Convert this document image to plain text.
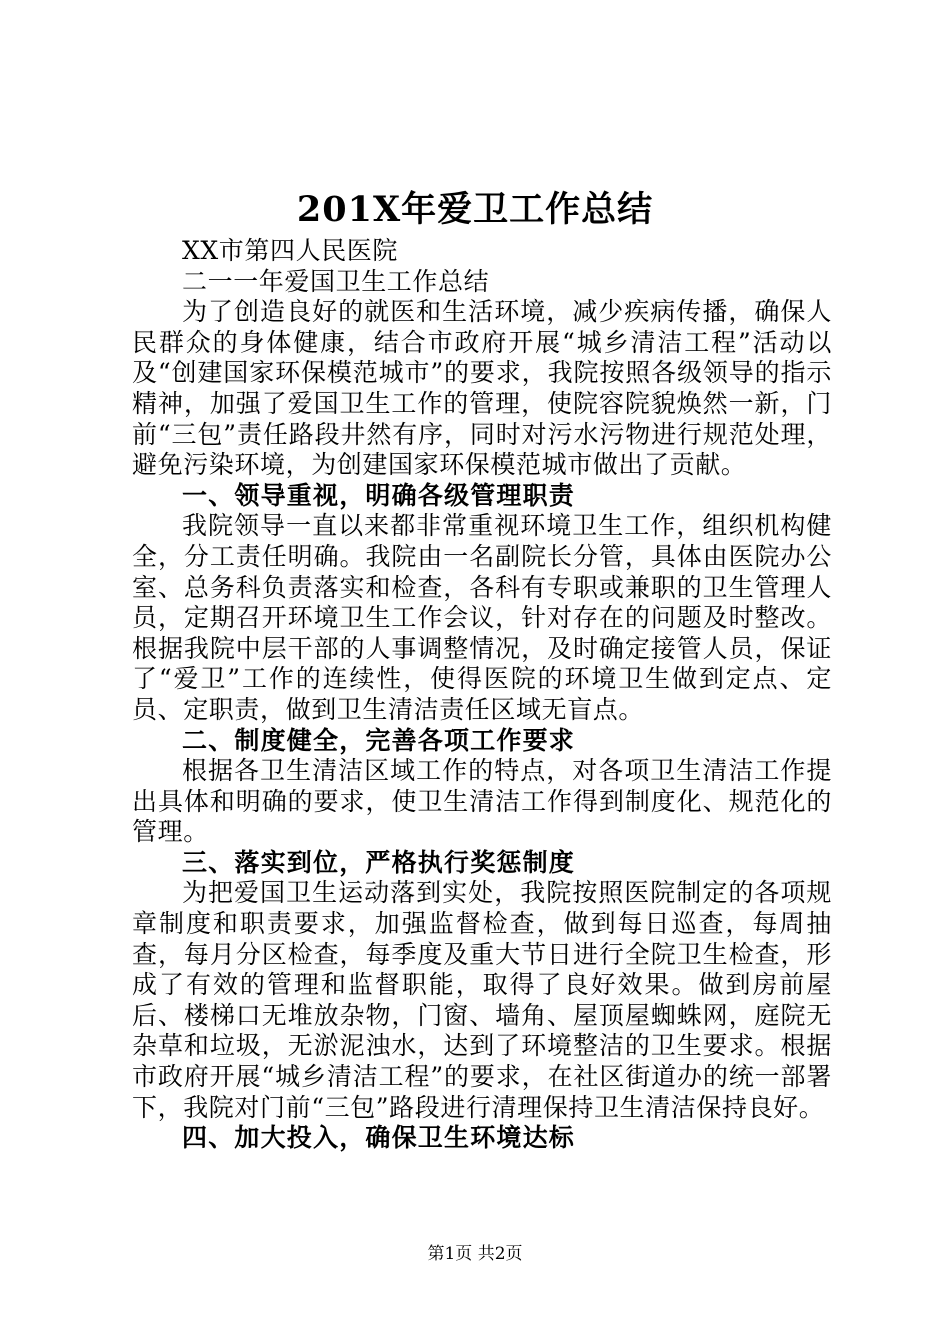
201X年爱卫工作总结

XX市第四人民医院

二一一年爱国卫生工作总结

为了创造良好的就医和生活环境，减少疾病传播，确保人民群众的身体健康，结合市政府开展“城乡清洁工程”活动以及“创建国家环保模范城市”的要求，我院按照各级领导的指示精神，加强了爱国卫生工作的管理，使院容院貌焕然一新，门前“三包”责任路段井然有序，同时对污水污物进行规范处理，避免污染环境，为创建国家环保模范城市做出了贡献。

一、领导重视，明确各级管理职责

我院领导一直以来都非常重视环境卫生工作，组织机构健全，分工责任明确。我院由一名副院长分管，具体由医院办公室、总务科负责落实和检查，各科有专职或兼职的卫生管理人员，定期召开环境卫生工作会议，针对存在的问题及时整改。根据我院中层干部的人事调整情况，及时确定接管人员，保证了“爱卫”工作的连续性，使得医院的环境卫生做到定点、定员、定职责，做到卫生清洁责任区域无盲点。

二、制度健全，完善各项工作要求

根据各卫生清洁区域工作的特点，对各项卫生清洁工作提出具体和明确的要求，使卫生清洁工作得到制度化、规范化的管理。

三、落实到位，严格执行奖惩制度

为把爱国卫生运动落到实处，我院按照医院制定的各项规章制度和职责要求，加强监督检查，做到每日巡查，每周抽查，每月分区检查，每季度及重大节日进行全院卫生检查，形成了有效的管理和监督职能，取得了良好效果。做到房前屋后、楼梯口无堆放杂物，门窗、墙角、屋顶屋蜘蛛网，庭院无杂草和垃圾，无淤泥浊水，达到了环境整洁的卫生要求。根据市政府开展“城乡清洁工程”的要求，在社区街道办的统一部署下，我院对门前“三包”路段进行清理保持卫生清洁保持良好。

四、加大投入，确保卫生环境达标

第1页 共2页
